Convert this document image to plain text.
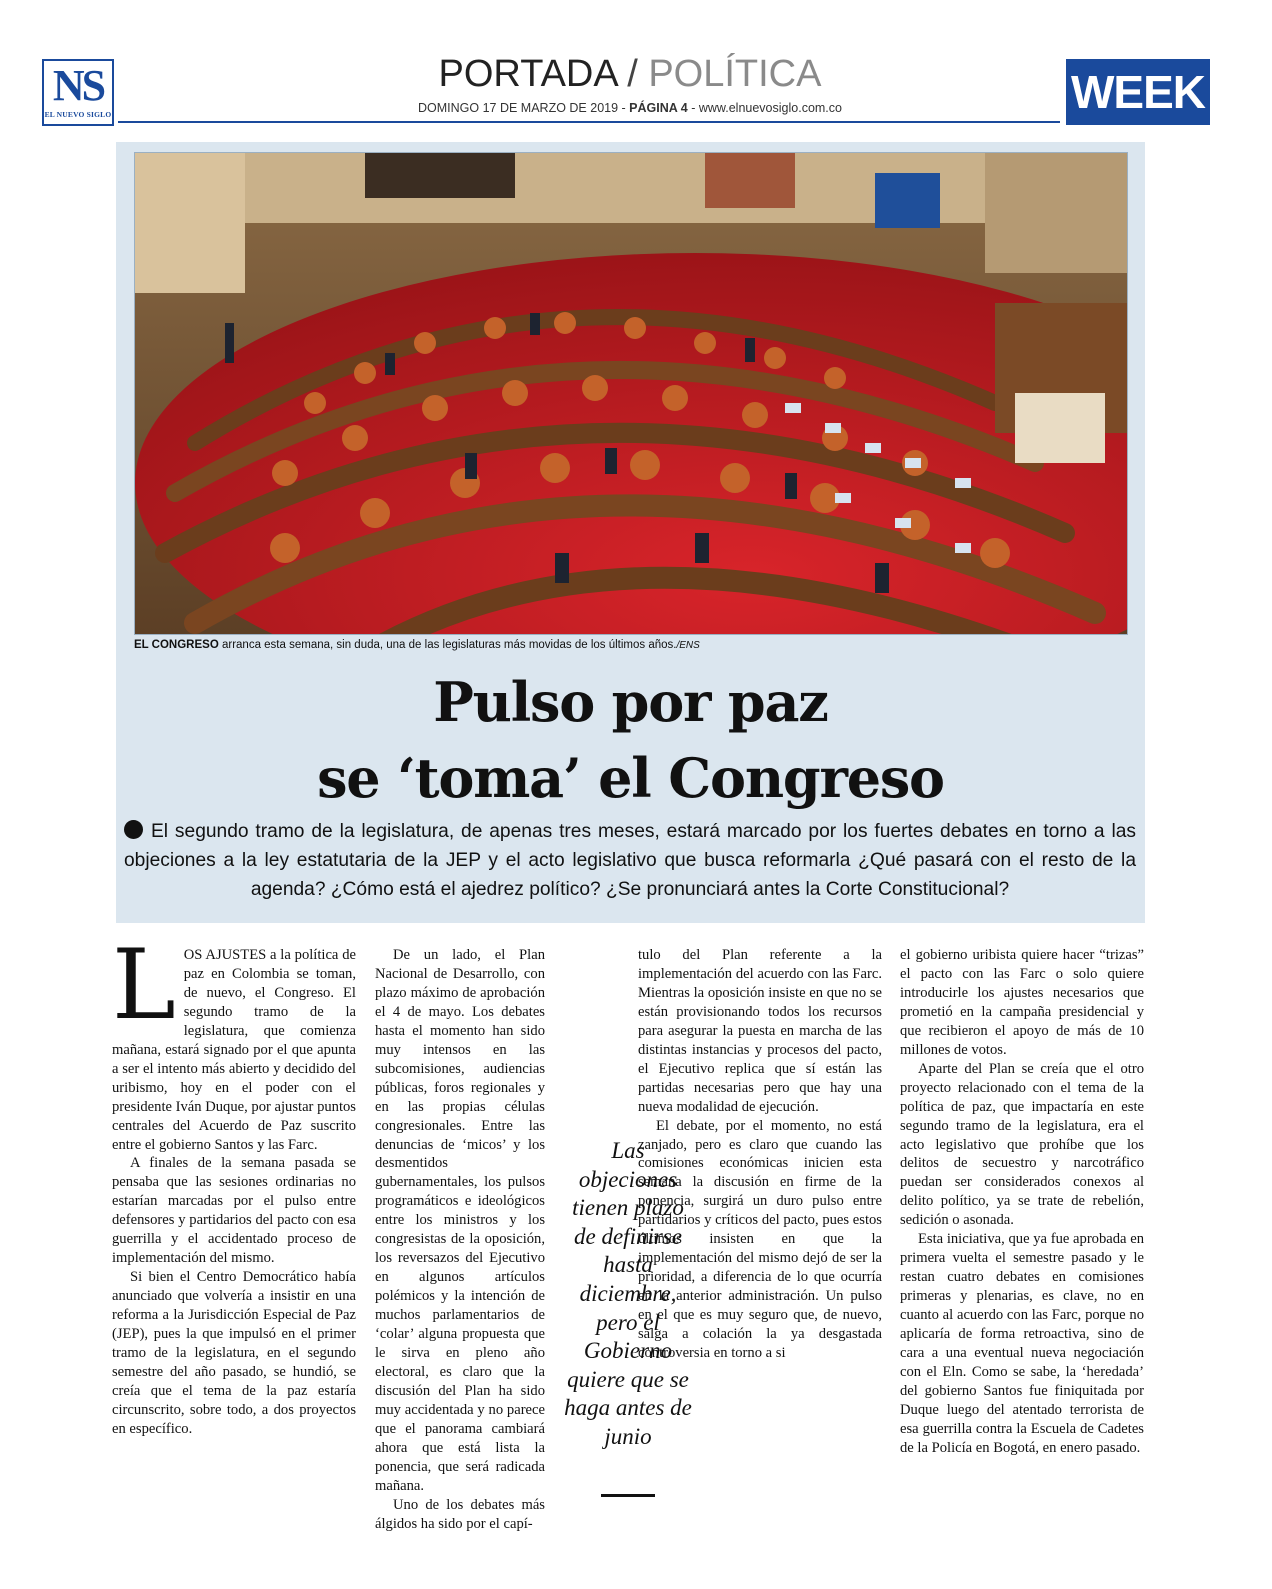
NS
EL NUEVO SIGLO
PORTADA / POLÍTICA
DOMINGO 17 DE MARZO DE 2019 - PÁGINA 4 - www.elnuevosiglo.com.co	WEEK
EL CONGRESO arranca esta semana, sin duda, una de las legislaturas más movidas de los últimos años./ENS
Pulso por paz
se ‘toma’ el Congreso
El segundo tramo de la legislatura, de apenas tres meses, estará marcado por los fuertes debates en torno a las objeciones a la ley estatutaria de la JEP y el acto legislativo que busca reformarla ¿Qué pasará con el resto de la agenda? ¿Cómo está el ajedrez político? ¿Se pronunciará antes la Corte Constitucional?
L OS AJUSTES a la política de paz en Colombia se toman, de nuevo, el Congreso. El segundo tramo de la legislatura, que comienza mañana, estará signado por el que apunta a ser el intento más abierto y decidido del uribismo, hoy en el poder con el presidente Iván Duque, por ajustar puntos centrales del Acuerdo de Paz suscrito entre el gobierno Santos y las Farc.

A finales de la semana pasada se pensaba que las sesiones ordinarias no estarían marcadas por el pulso entre defensores y partidarios del pacto con esa guerrilla y el accidentado proceso de implementación del mismo.

Si bien el Centro Democrático había anunciado que volvería a insistir en una reforma a la Jurisdicción Especial de Paz (JEP), pues la que impulsó en el primer tramo de la legislatura, en el segundo semestre del año pasado, se hundió, se creía que el tema de la paz estaría circunscrito, sobre todo, a dos proyectos en específico.

De un lado, el Plan Nacional de Desarrollo, con plazo máximo de aprobación el 4 de mayo. Los debates hasta el momento han sido muy intensos en las subcomisiones, audiencias públicas, foros regionales y en las propias células congresionales. Entre las denuncias de ‘micos’ y los desmentidos gubernamentales, los pulsos programáticos e ideológicos entre los ministros y los congresistas de la oposición, los reversazos del Ejecutivo en algunos artículos polémicos y la intención de muchos parlamentarios de ‘colar’ alguna propuesta que le sirva en pleno año electoral, es claro que la discusión del Plan ha sido muy accidentada y no parece que el panorama cambiará ahora que está lista la ponencia, que será radicada mañana.

Uno de los debates más álgidos ha sido por el capí-

Las objeciones tienen plazo de definirse hasta diciembre, pero el Gobierno quiere que se haga antes de junio

tulo del Plan referente a la implementación del acuerdo con las Farc. Mientras la oposición insiste en que no se están provisionando todos los recursos para asegurar la puesta en marcha de las distintas instancias y procesos del pacto, el Ejecutivo replica que sí están las partidas necesarias pero que hay una nueva modalidad de ejecución.

El debate, por el momento, no está zanjado, pero es claro que cuando las comisiones económicas inicien esta semana la discusión en firme de la ponencia, surgirá un duro pulso entre partidarios y críticos del pacto, pues estos últimos insisten en que la implementación del mismo dejó de ser la prioridad, a diferencia de lo que ocurría en la anterior administración. Un pulso en el que es muy seguro que, de nuevo, salga a colación la ya desgastada controversia en torno a si

el gobierno uribista quiere hacer “trizas” el pacto con las Farc o solo quiere introducirle los ajustes necesarios que prometió en la campaña presidencial y que recibieron el apoyo de más de 10 millones de votos.

Aparte del Plan se creía que el otro proyecto relacionado con el tema de la política de paz, que impactaría en este segundo tramo de la legislatura, era el acto legislativo que prohíbe que los delitos de secuestro y narcotráfico puedan ser considerados conexos al delito político, ya se trate de rebelión, sedición o asonada.

Esta iniciativa, que ya fue aprobada en primera vuelta el semestre pasado y le restan cuatro debates en comisiones primeras y plenarias, es clave, no en cuanto al acuerdo con las Farc, porque no aplicaría de forma retroactiva, sino de cara a una eventual nueva negociación con el Eln. Como se sabe, la ‘heredada’ del gobierno Santos fue finiquitada por Duque luego del atentado terrorista de esa guerrilla contra la Escuela de Cadetes de la Policía en Bogotá, en enero pasado.
